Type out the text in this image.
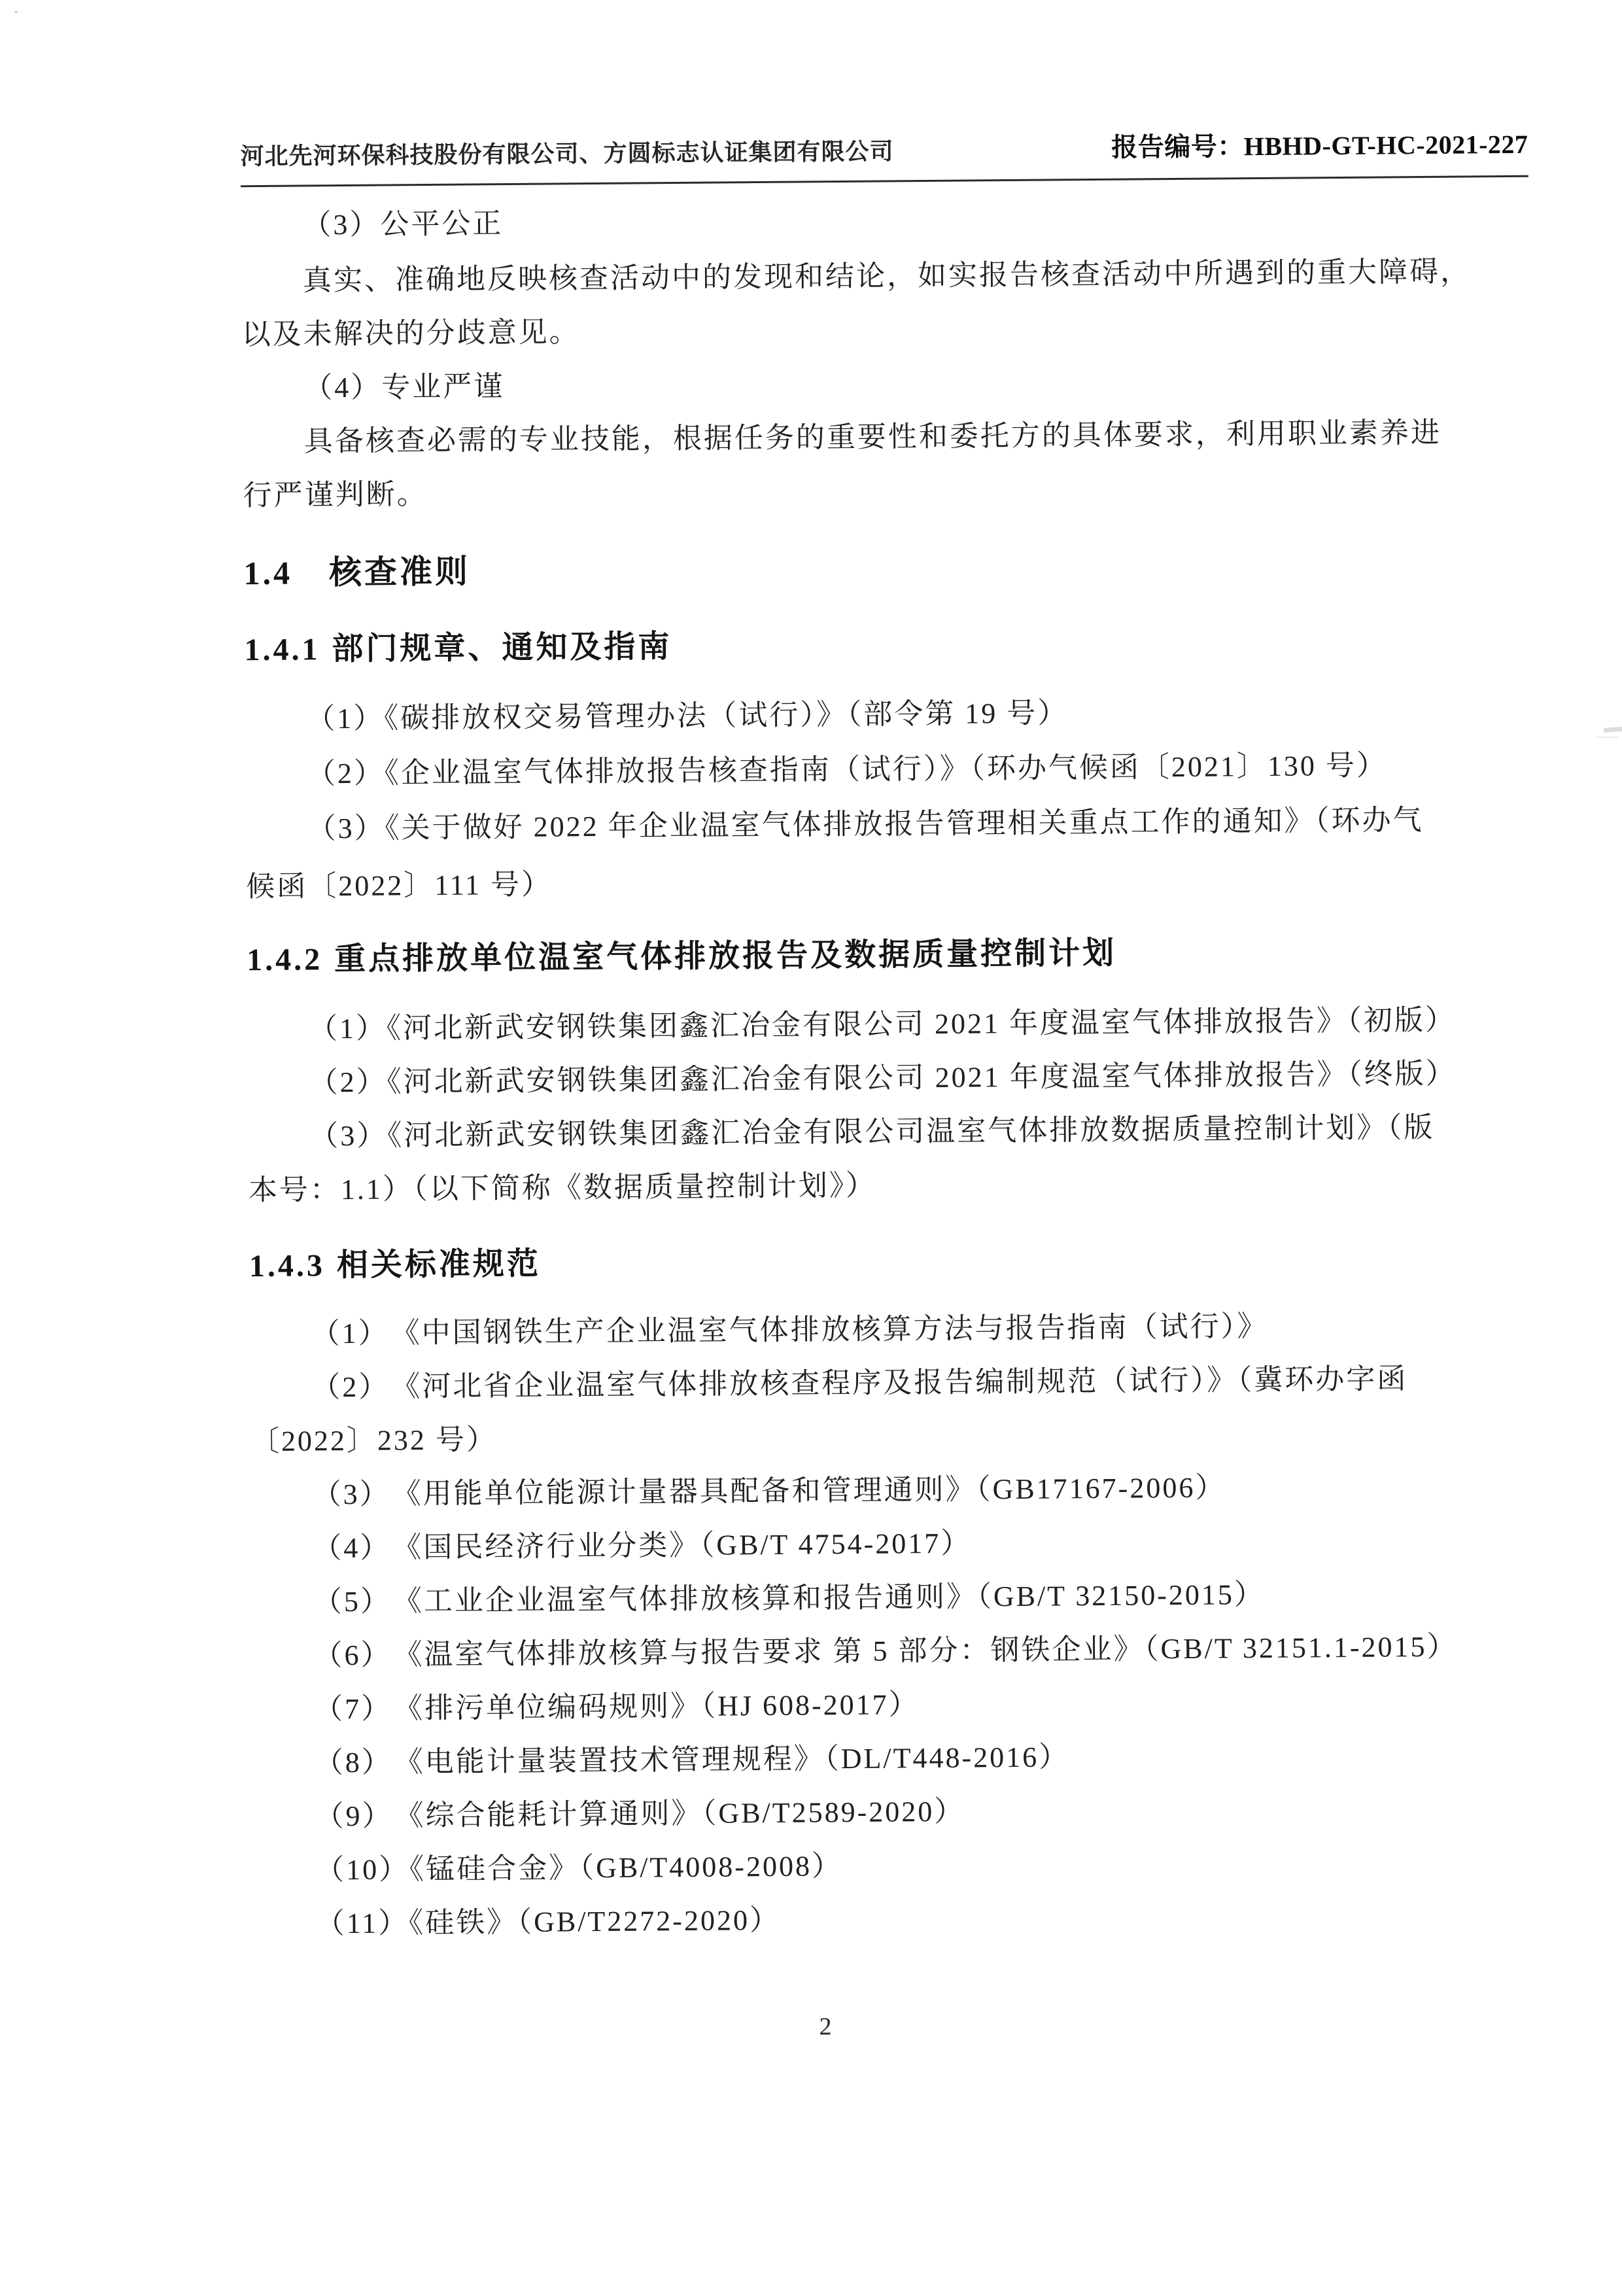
河北先河环保科技股份有限公司、方圆标志认证集团有限公司	报告编号：HBHD-GT-HC-2021-227

（3）公平公正

真实、准确地反映核查活动中的发现和结论，如实报告核查活动中所遇到的重大障碍，

以及未解决的分歧意见。

（4）专业严谨

具备核查必需的专业技能，根据任务的重要性和委托方的具体要求，利用职业素养进

行严谨判断。

1.4 核查准则

1.4.1 部门规章、通知及指南

（1）《碳排放权交易管理办法（试行）》（部令第 19 号）

（2）《企业温室气体排放报告核查指南（试行）》（环办气候函〔2021〕130 号）

（3）《关于做好 2022 年企业温室气体排放报告管理相关重点工作的通知》（环办气

候函〔2022〕111 号）

1.4.2 重点排放单位温室气体排放报告及数据质量控制计划

（1）《河北新武安钢铁集团鑫汇冶金有限公司 2021 年度温室气体排放报告》（初版）

（2）《河北新武安钢铁集团鑫汇冶金有限公司 2021 年度温室气体排放报告》（终版）

（3）《河北新武安钢铁集团鑫汇冶金有限公司温室气体排放数据质量控制计划》（版

本号：1.1）（以下简称《数据质量控制计划》）

1.4.3 相关标准规范

（1）　《中国钢铁生产企业温室气体排放核算方法与报告指南（试行）》

（2）　《河北省企业温室气体排放核查程序及报告编制规范（试行）》（冀环办字函

〔2022〕232 号）

（3）　《用能单位能源计量器具配备和管理通则》（GB17167-2006）

（4）　《国民经济行业分类》（GB/T 4754-2017）

（5）　《工业企业温室气体排放核算和报告通则》（GB/T 32150-2015）

（6）　《温室气体排放核算与报告要求 第 5 部分：钢铁企业》（GB/T 32151.1-2015）

（7）　《排污单位编码规则》（HJ 608-2017）

（8）　《电能计量装置技术管理规程》（DL/T448-2016）

（9）　《综合能耗计算通则》（GB/T2589-2020）

（10）《锰硅合金》（GB/T4008-2008）

（11）《硅铁》（GB/T2272-2020）

2
